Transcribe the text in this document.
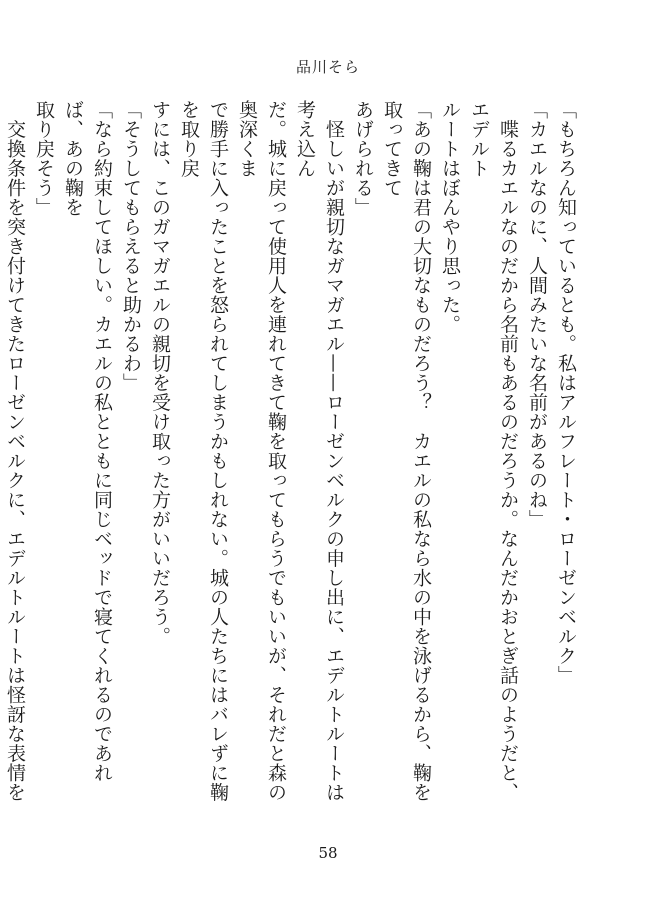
品川そら

「もちろん知っているとも。私はアルフレート・ローゼンベルク」

「カエルなのに、人間みたいな名前があるのね」

　喋るカエルなのだから名前もあるのだろうか。なんだかおとぎ話のようだと、エデルト

ルートはぼんやり思った。

「あの鞠は君の大切なものだろう？　カエルの私なら水の中を泳げるから、鞠を取ってきて

あげられる」

　怪しいが親切なガマガエル——ローゼンベルクの申し出に、エデルトルートは考え込ん

だ。城に戻って使用人を連れてきて鞠を取ってもらうでもいいが、それだと森の奥深くま

で勝手に入ったことを怒られてしまうかもしれない。城の人たちにはバレずに鞠を取り戻

すには、このガマガエルの親切を受け取った方がいいだろう。

「そうしてもらえると助かるわ」

「なら約束してほしい。カエルの私とともに同じベッドで寝てくれるのであれば、あの鞠を

取り戻そう」

　交換条件を突き付けてきたローゼンベルクに、エデルトルートは怪訝な表情を

58
